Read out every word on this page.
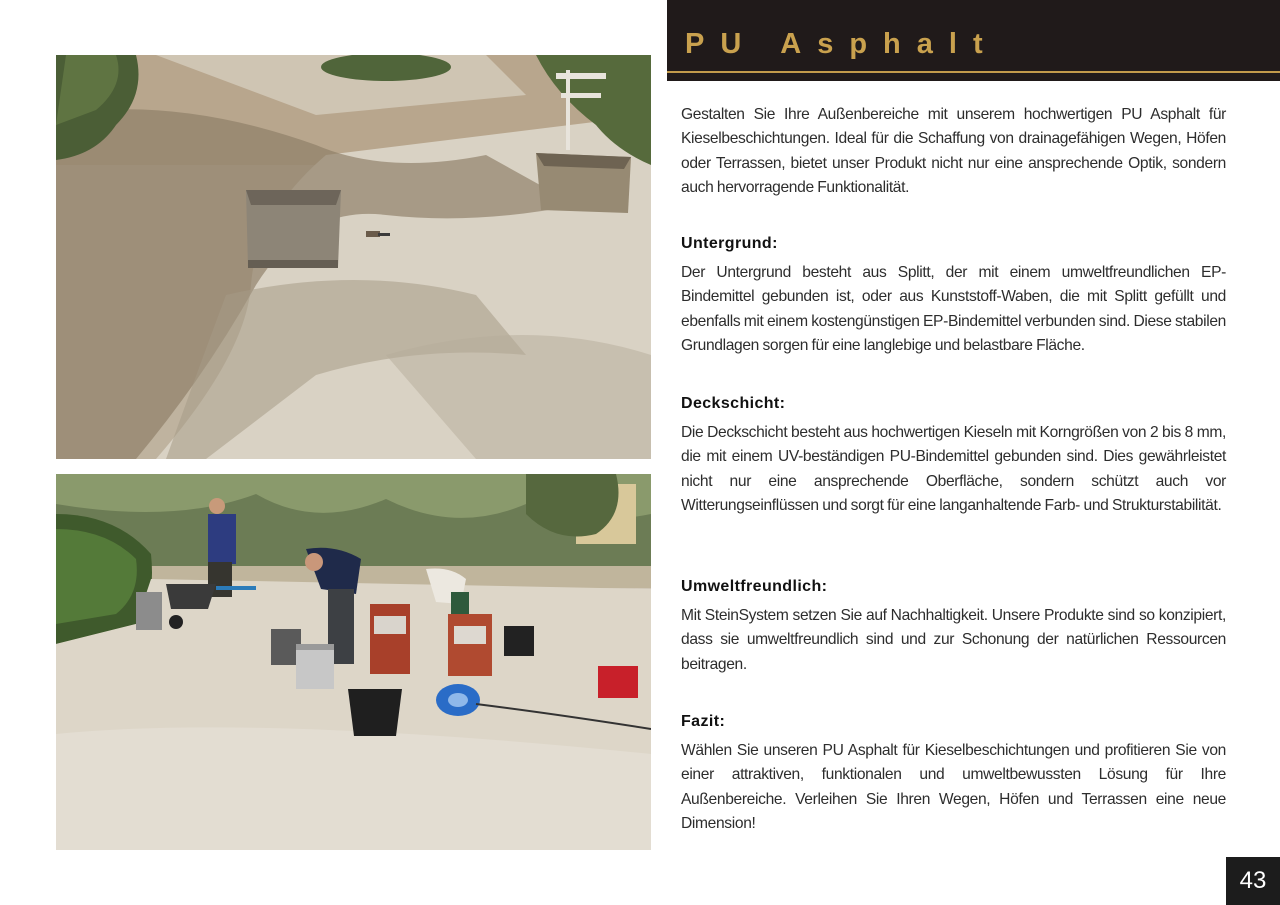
PU Asphalt

Gestalten Sie Ihre Außenbereiche mit unserem hochwertigen PU Asphalt für Kieselbeschichtungen. Ideal für die Schaffung von drainagefähigen Wegen, Höfen oder Terrassen, bietet unser Produkt nicht nur eine ansprechende Optik, sondern auch hervorragende Funktionalität.

Untergrund:

Der Untergrund besteht aus Splitt, der mit einem umweltfreundlichen EP-Bindemittel gebunden ist, oder aus Kunststoff-Waben, die mit Splitt gefüllt und ebenfalls mit einem kostengünstigen EP-Bindemittel verbunden sind. Diese stabilen Grundlagen sorgen für eine langlebige und belastbare Fläche.

Deckschicht:

Die Deckschicht besteht aus hochwertigen Kieseln mit Korngrößen von 2 bis 8 mm, die mit einem UV-beständigen PU-Bindemittel gebunden sind. Dies gewährleistet nicht nur eine ansprechende Oberfläche, sondern schützt auch vor Witterungseinflüssen und sorgt für eine langanhaltende Farb- und Strukturstabilität.

Umweltfreundlich:

Mit SteinSystem setzen Sie auf Nachhaltigkeit. Unsere Produkte sind so konzipiert, dass sie umweltfreundlich sind und zur Schonung der natürlichen Ressourcen beitragen.

Fazit:

Wählen Sie unseren PU Asphalt für Kieselbeschichtungen und profitieren Sie von einer attraktiven, funktionalen und umweltbewussten Lösung für Ihre Außenbereiche. Verleihen Sie Ihren Wegen, Höfen und Terrassen eine neue Dimension!

43
